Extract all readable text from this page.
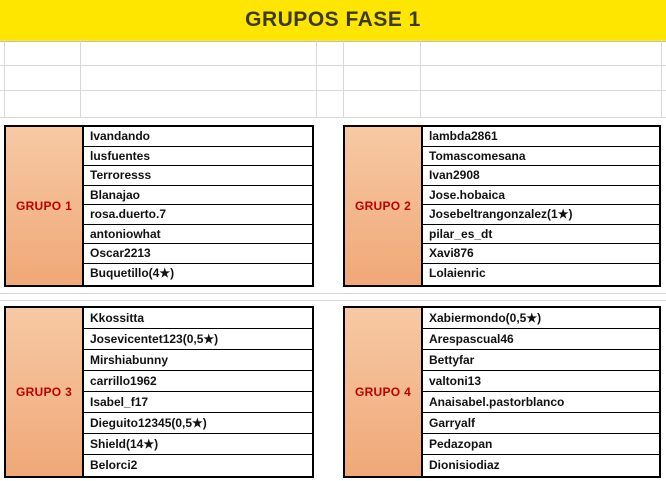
GRUPOS FASE 1
GRUPO 1
Ivandando
lusfuentes
Terroresss
Blanajao
rosa.duerto.7
antoniowhat
Oscar2213
Buquetillo(4★)
GRUPO 2
lambda2861
Tomascomesana
Ivan2908
Jose.hobaica
Josebeltrangonzalez(1★)
pilar_es_dt
Xavi876
Lolaienric
GRUPO 3
Kkossitta
Josevicentet123(0,5★)
Mirshiabunny
carrillo1962
Isabel_f17
Dieguito12345(0,5★)
Shield(14★)
Belorci2
GRUPO 4
Xabiermondo(0,5★)
Arespascual46
Bettyfar
valtoni13
Anaisabel.pastorblanco
Garryalf
Pedazopan
Dionisiodiaz
